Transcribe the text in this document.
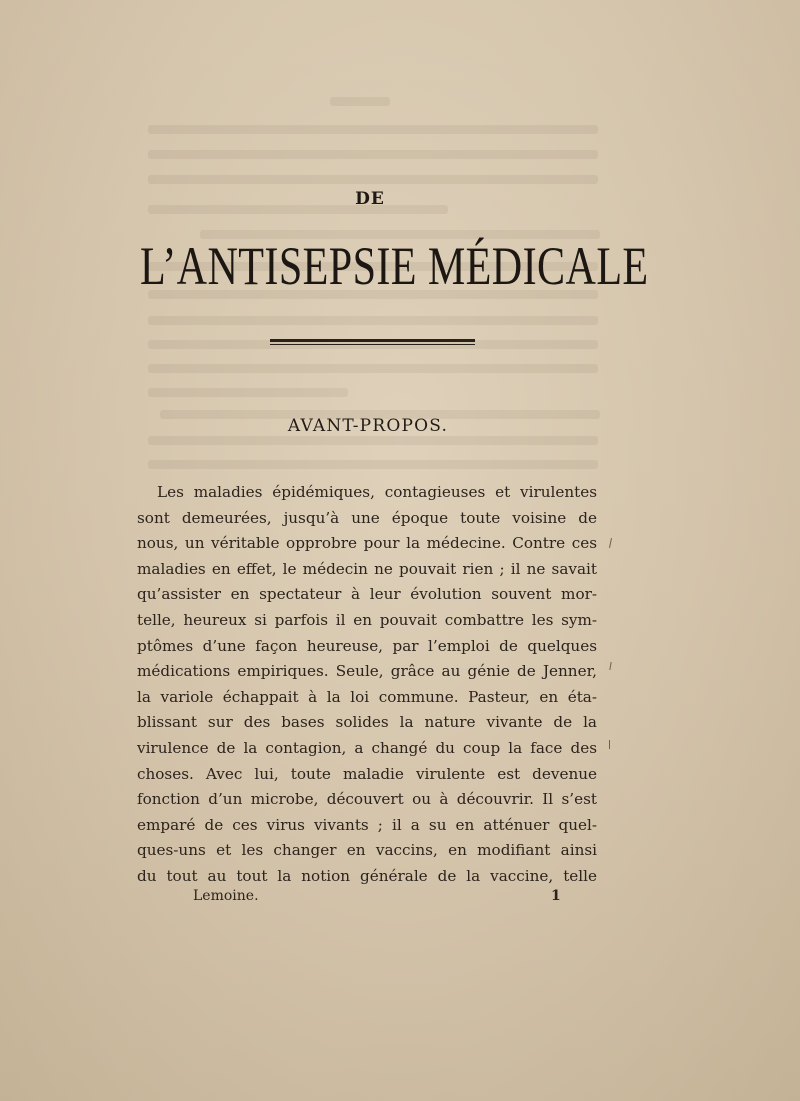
DE
L’ANTISEPSIE MÉDICALE
AVANT-PROPOS.
Les maladies épidémiques, contagieuses et virulentes
sont demeurées, jusqu’à une époque toute voisine de
nous, un véritable opprobre pour la médecine. Contre ces
maladies en effet, le médecin ne pouvait rien ; il ne savait
qu’assister en spectateur à leur évolution souvent mor-
telle, heureux si parfois il en pouvait combattre les sym-
ptômes d’une façon heureuse, par l’emploi de quelques
médications empiriques. Seule, grâce au génie de Jenner,
la variole échappait à la loi commune. Pasteur, en éta-
blissant sur des bases solides la nature vivante de la
virulence de la contagion, a changé du coup la face des
choses. Avec lui, toute maladie virulente est devenue
fonction d’un microbe, découvert ou à découvrir. Il s’est
emparé de ces virus vivants ; il a su en atténuer quel-
ques-uns et les changer en vaccins, en modifiant ainsi
du tout au tout la notion générale de la vaccine, telle
Lemoine.	1
